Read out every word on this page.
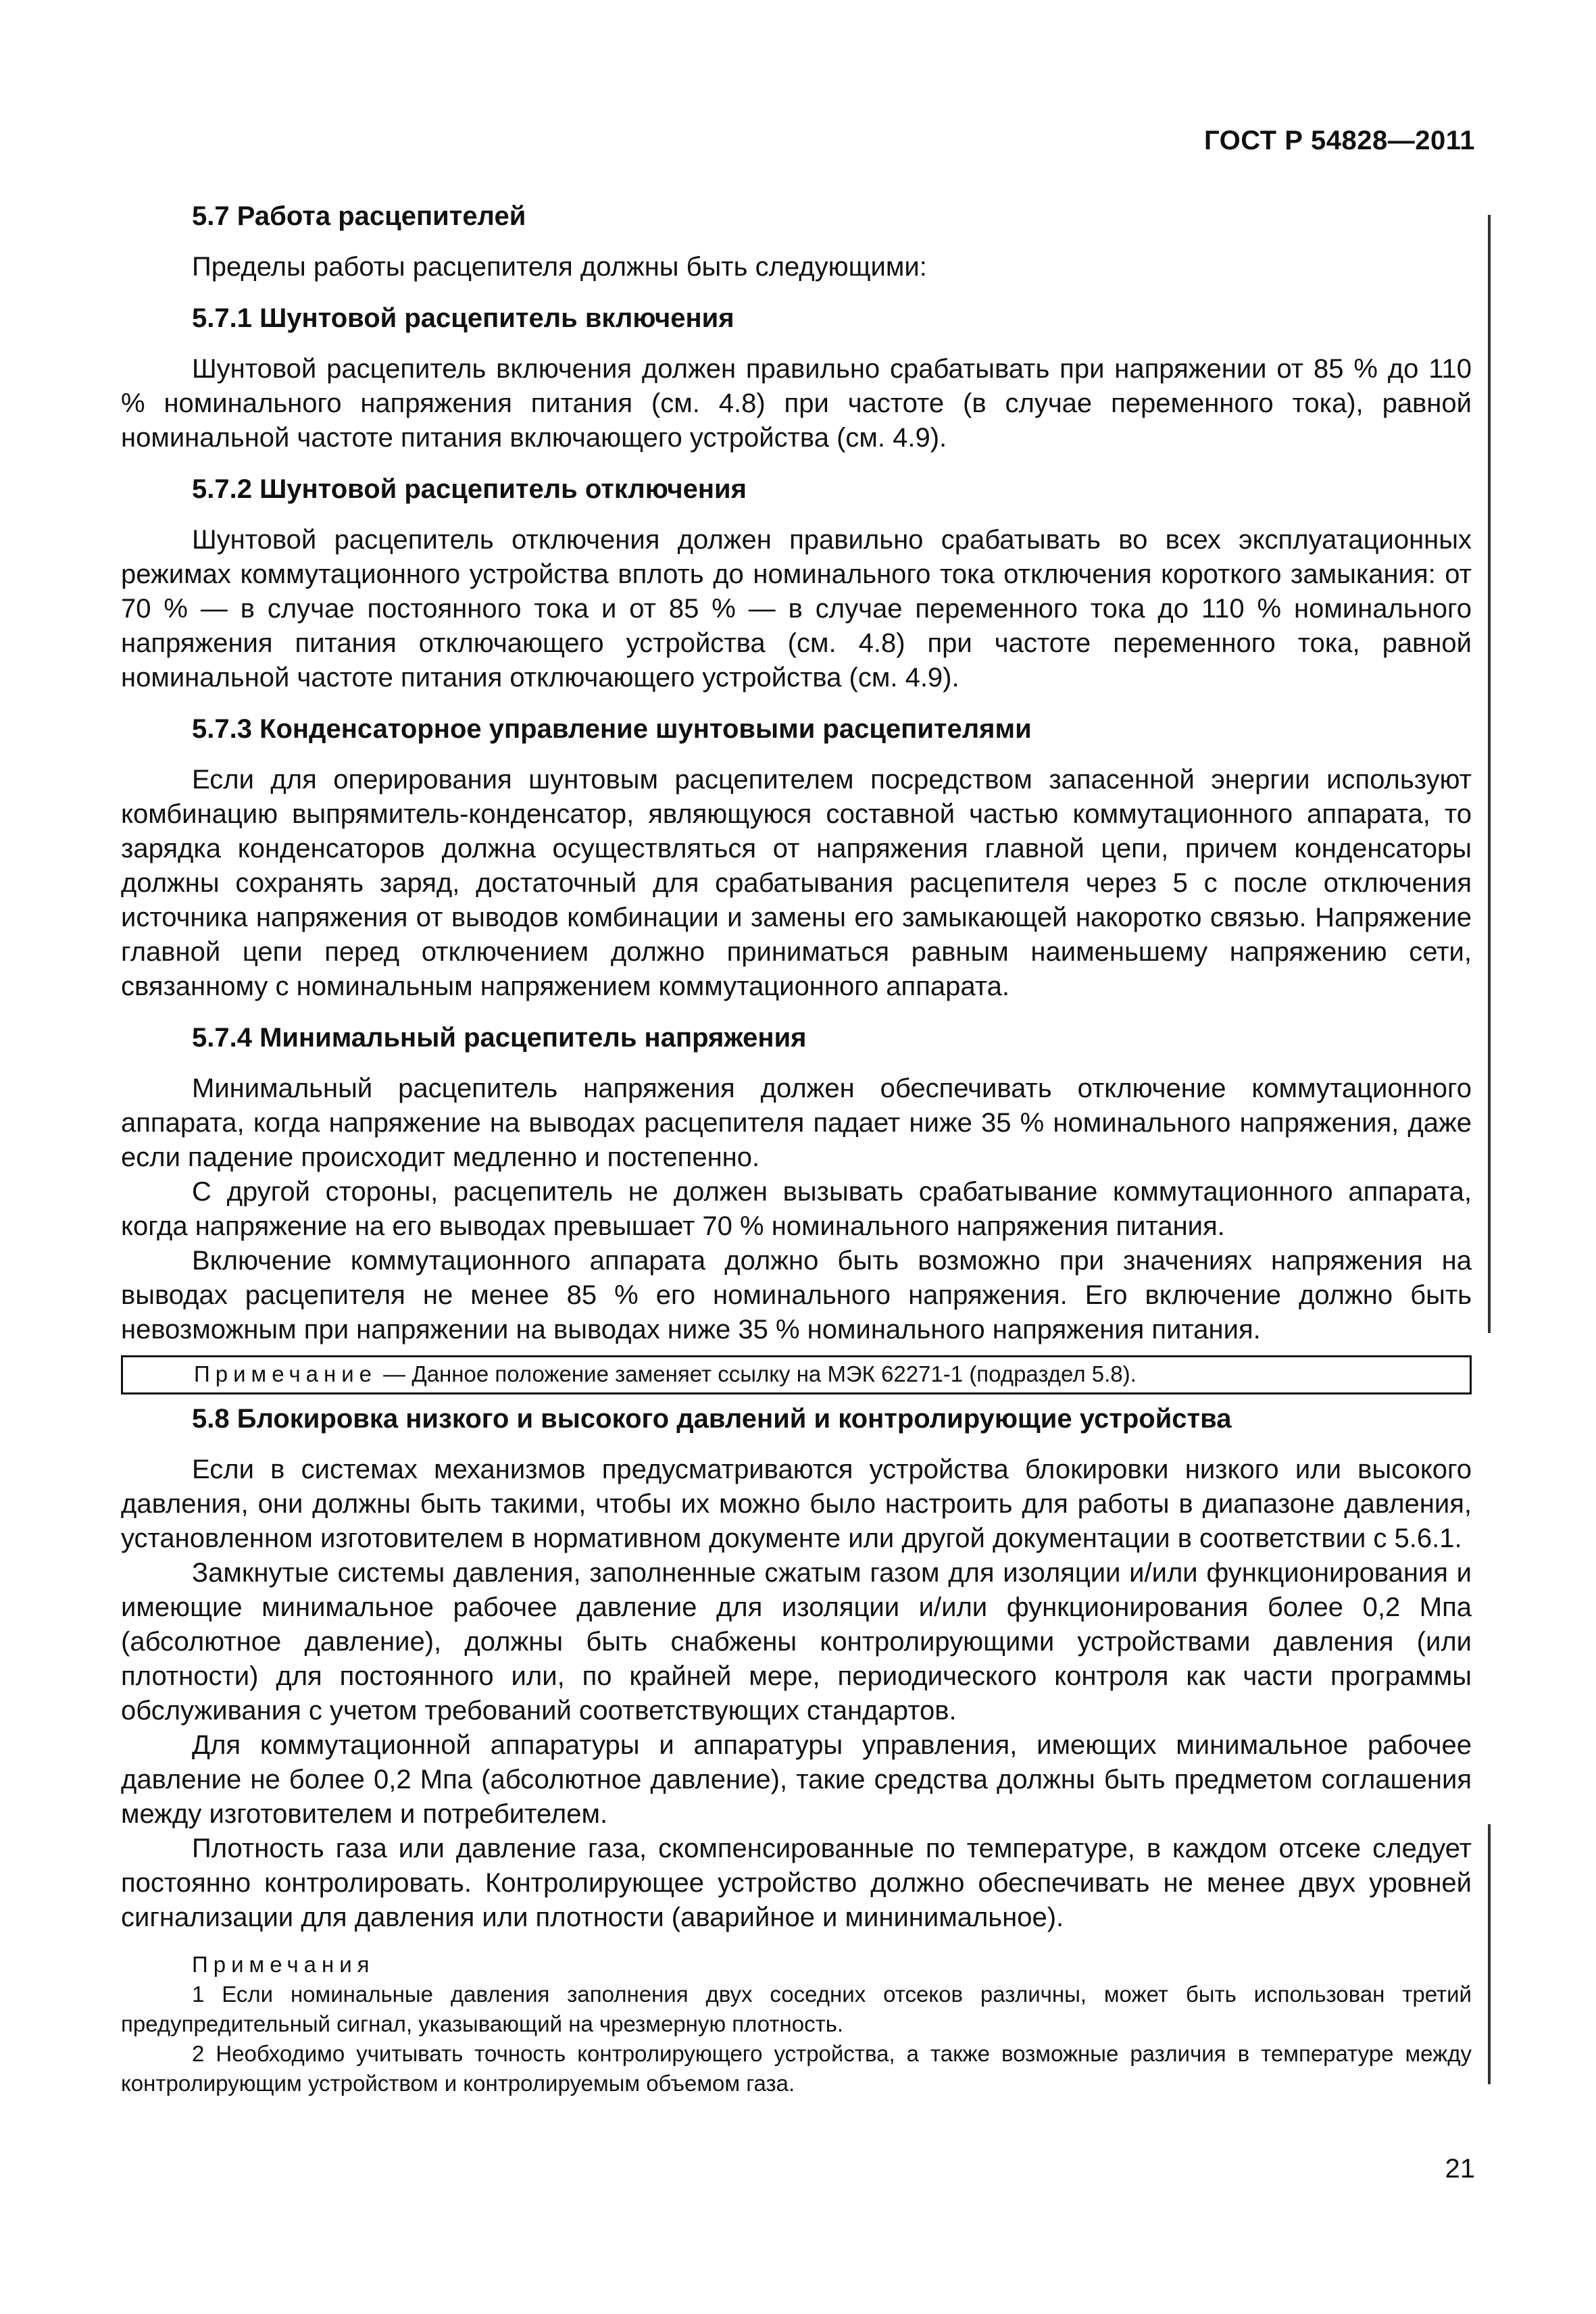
ГОСТ Р 54828—2011

5.7 Работа расцепителей

Пределы работы расцепителя должны быть следующими:

5.7.1 Шунтовой расцепитель включения

Шунтовой расцепитель включения должен правильно срабатывать при напряжении от 85 % до 110 % номинального напряжения питания (см. 4.8) при частоте (в случае переменного тока), равной номинальной частоте питания включающего устройства (см. 4.9).

5.7.2 Шунтовой расцепитель отключения

Шунтовой расцепитель отключения должен правильно срабатывать во всех эксплуатационных режимах коммутационного устройства вплоть до номинального тока отключения короткого замыкания: от 70 % — в случае постоянного тока и от 85 % — в случае переменного тока до 110 % номинального напряжения питания отключающего устройства (см. 4.8) при частоте переменного тока, равной номинальной частоте питания отключающего устройства (см. 4.9).

5.7.3 Конденсаторное управление шунтовыми расцепителями

Если для оперирования шунтовым расцепителем посредством запасенной энергии используют комбинацию выпрямитель-конденсатор, являющуюся составной частью коммутационного аппарата, то зарядка конденсаторов должна осуществляться от напряжения главной цепи, причем конденсаторы должны сохранять заряд, достаточный для срабатывания расцепителя через 5 с после отключения источника напряжения от выводов комбинации и замены его замыкающей накоротко связью. Напряжение главной цепи перед отключением должно приниматься равным наименьшему напряжению сети, связанному с номинальным напряжением коммутационного аппарата.

5.7.4 Минимальный расцепитель напряжения

Минимальный расцепитель напряжения должен обеспечивать отключение коммутационного аппарата, когда напряжение на выводах расцепителя падает ниже 35 % номинального напряжения, даже если падение происходит медленно и постепенно.

С другой стороны, расцепитель не должен вызывать срабатывание коммутационного аппарата, когда напряжение на его выводах превышает 70 % номинального напряжения питания.

Включение коммутационного аппарата должно быть возможно при значениях напряжения на выводах расцепителя не менее 85 % его номинального напряжения. Его включение должно быть невозможным при напряжении на выводах ниже 35 % номинального напряжения питания.

Примечание — Данное положение заменяет ссылку на МЭК 62271-1 (подраздел 5.8).

5.8 Блокировка низкого и высокого давлений и контролирующие устройства

Если в системах механизмов предусматриваются устройства блокировки низкого или высокого давления, они должны быть такими, чтобы их можно было настроить для работы в диапазоне давления, установленном изготовителем в нормативном документе или другой документации в соответствии с 5.6.1.

Замкнутые системы давления, заполненные сжатым газом для изоляции и/или функционирования и имеющие минимальное рабочее давление для изоляции и/или функционирования более 0,2 Мпа (абсолютное давление), должны быть снабжены контролирующими устройствами давления (или плотности) для постоянного или, по крайней мере, периодического контроля как части программы обслуживания с учетом требований соответствующих стандартов.

Для коммутационной аппаратуры и аппаратуры управления, имеющих минимальное рабочее давление не более 0,2 Мпа (абсолютное давление), такие средства должны быть предметом соглашения между изготовителем и потребителем.

Плотность газа или давление газа, скомпенсированные по температуре, в каждом отсеке следует постоянно контролировать. Контролирующее устройство должно обеспечивать не менее двух уровней сигнализации для давления или плотности (аварийное и мининимальное).

Примечания

1 Если номинальные давления заполнения двух соседних отсеков различны, может быть использован третий предупредительный сигнал, указывающий на чрезмерную плотность.

2 Необходимо учитывать точность контролирующего устройства, а также возможные различия в температуре между контролирующим устройством и контролируемым объемом газа.

21
